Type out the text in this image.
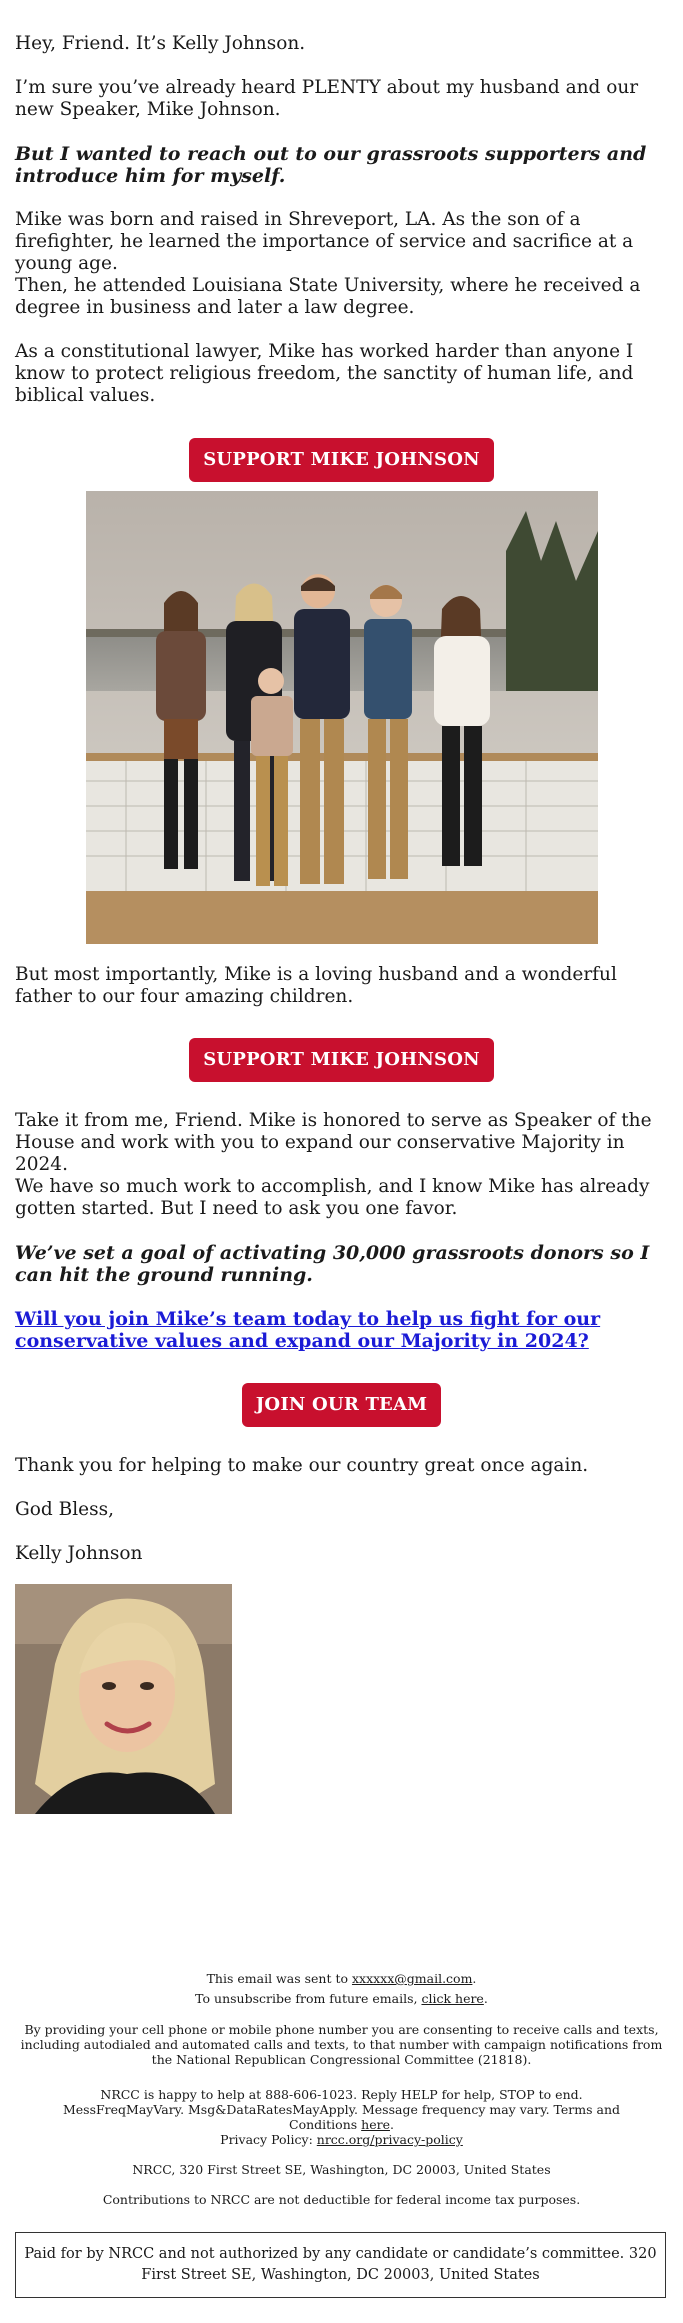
Hey, Friend. It’s Kelly Johnson.

I’m sure you’ve already heard PLENTY about my husband and our new Speaker, Mike Johnson.

But I wanted to reach out to our grassroots supporters and introduce him for myself.

Mike was born and raised in Shreveport, LA. As the son of a firefighter, he learned the importance of service and sacrifice at a young age.

Then, he attended Louisiana State University, where he received a degree in business and later a law degree.

As a constitutional lawyer, Mike has worked harder than anyone I know to protect religious freedom, the sanctity of human life, and biblical values.

SUPPORT MIKE JOHNSON

But most importantly, Mike is a loving husband and a wonderful father to our four amazing children.

SUPPORT MIKE JOHNSON

Take it from me, Friend. Mike is honored to serve as Speaker of the House and work with you to expand our conservative Majority in 2024.

We have so much work to accomplish, and I know Mike has already gotten started. But I need to ask you one favor.

We’ve set a goal of activating 30,000 grassroots donors so I can hit the ground running.

Will you join Mike’s team today to help us fight for our conservative values and expand our Majority in 2024?

JOIN OUR TEAM

Thank you for helping to make our country great once again.

God Bless,

Kelly Johnson

This email was sent to xxxxxx@gmail.com.
To unsubscribe from future emails, click here.
By providing your cell phone or mobile phone number you are consenting to receive calls and texts, including autodialed and automated calls and texts, to that number with campaign notifications from the National Republican Congressional Committee (21818).
NRCC is happy to help at 888-606-1023. Reply HELP for help, STOP to end. MessFreqMayVary. Msg&DataRatesMayApply. Message frequency may vary. Terms and Conditions here.
Privacy Policy: nrcc.org/privacy-policy
NRCC, 320 First Street SE, Washington, DC 20003, United States
Contributions to NRCC are not deductible for federal income tax purposes.
Paid for by NRCC and not authorized by any candidate or candidate’s committee. 320 First Street SE, Washington, DC 20003, United States
